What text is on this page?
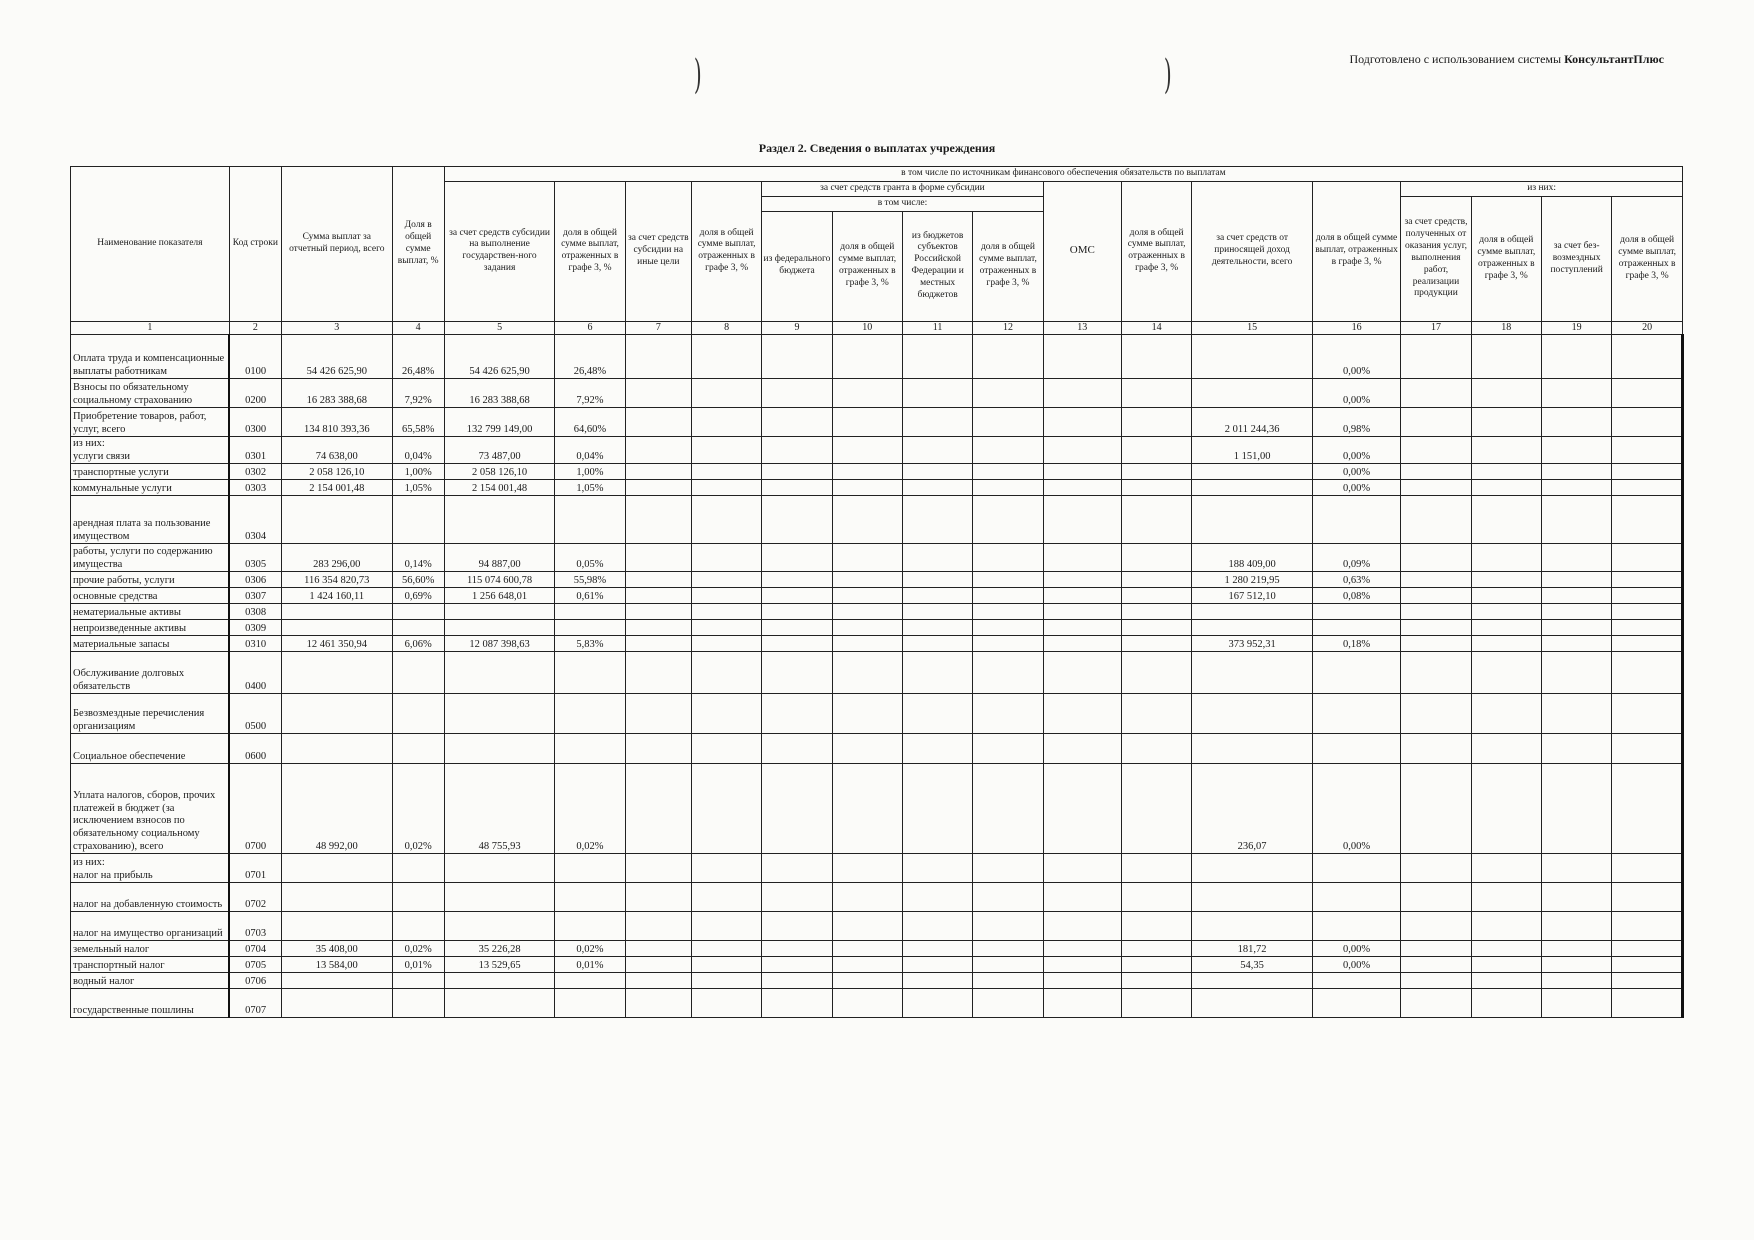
Подготовлено с использованием системы КонсультантПлюс
)	)
Раздел 2. Сведения о выплатах учреждения
Наименование показателя	Код строки	Сумма выплат за отчетный период, всего	Доля в общей сумме выплат, %	в том числе по источникам финансового обеспечения обязательств по выплатам															
				за счет средств субсидии на выполнение государствен-ного задания	доля в общей сумме выплат, отраженных в графе 3, %	за счет средств субсидии на иные цели	доля в общей сумме выплат, отраженных в графе 3, %	за счет средств гранта в форме субсидии				ОМС	доля в общей сумме выплат, отраженных в графе 3, %	за счет средств от приносящей доход деятельности, всего	доля в общей сумме выплат, отраженных в графе 3, %	из них:			
								в том числе:								за счет средств, полученных от оказания услуг, выполнения работ, реализации продукции	доля в общей сумме выплат, отраженных в графе 3, %	за счет без-возмездных поступлений	доля в общей сумме выплат, отраженных в графе 3, %
								из федерального бюджета	доля в общей сумме выплат, отраженных в графе 3, %	из бюджетов субъектов Российской Федерации и местных бюджетов	доля в общей сумме выплат, отраженных в графе 3, %								
1	2	3	4	5	6	7	8	9	10	11	12	13	14	15	16	17	18	19	20
Оплата труда и компенсационные выплаты работникам	0100	54 426 625,90	26,48%	54 426 625,90	26,48%										0,00%				
Взносы по обязательному социальному страхованию	0200	16 283 388,68	7,92%	16 283 388,68	7,92%										0,00%				
Приобретение товаров, работ, услуг, всего	0300	134 810 393,36	65,58%	132 799 149,00	64,60%									2 011 244,36	0,98%				
из них:
услуги связи	0301	74 638,00	0,04%	73 487,00	0,04%									1 151,00	0,00%				
транспортные услуги	0302	2 058 126,10	1,00%	2 058 126,10	1,00%										0,00%				
коммунальные услуги	0303	2 154 001,48	1,05%	2 154 001,48	1,05%										0,00%				
арендная плата за пользование имуществом	0304																		
работы, услуги по содержанию имущества	0305	283 296,00	0,14%	94 887,00	0,05%									188 409,00	0,09%				
прочие работы, услуги	0306	116 354 820,73	56,60%	115 074 600,78	55,98%									1 280 219,95	0,63%				
основные средства	0307	1 424 160,11	0,69%	1 256 648,01	0,61%									167 512,10	0,08%				
нематериальные активы	0308																		
непроизведенные активы	0309																		
материальные запасы	0310	12 461 350,94	6,06%	12 087 398,63	5,83%									373 952,31	0,18%				
Обслуживание долговых обязательств	0400																		
Безвозмездные перечисления организациям	0500																		
Социальное обеспечение	0600																		
Уплата налогов, сборов, прочих платежей в бюджет (за исключением взносов по обязательному социальному страхованию), всего	0700	48 992,00	0,02%	48 755,93	0,02%									236,07	0,00%				
из них:
налог на прибыль	0701																		
налог на добавленную стоимость	0702																		
налог на имущество организаций	0703																		
земельный налог	0704	35 408,00	0,02%	35 226,28	0,02%									181,72	0,00%				
транспортный налог	0705	13 584,00	0,01%	13 529,65	0,01%									54,35	0,00%				
водный налог	0706																		
государственные пошлины	0707																		
